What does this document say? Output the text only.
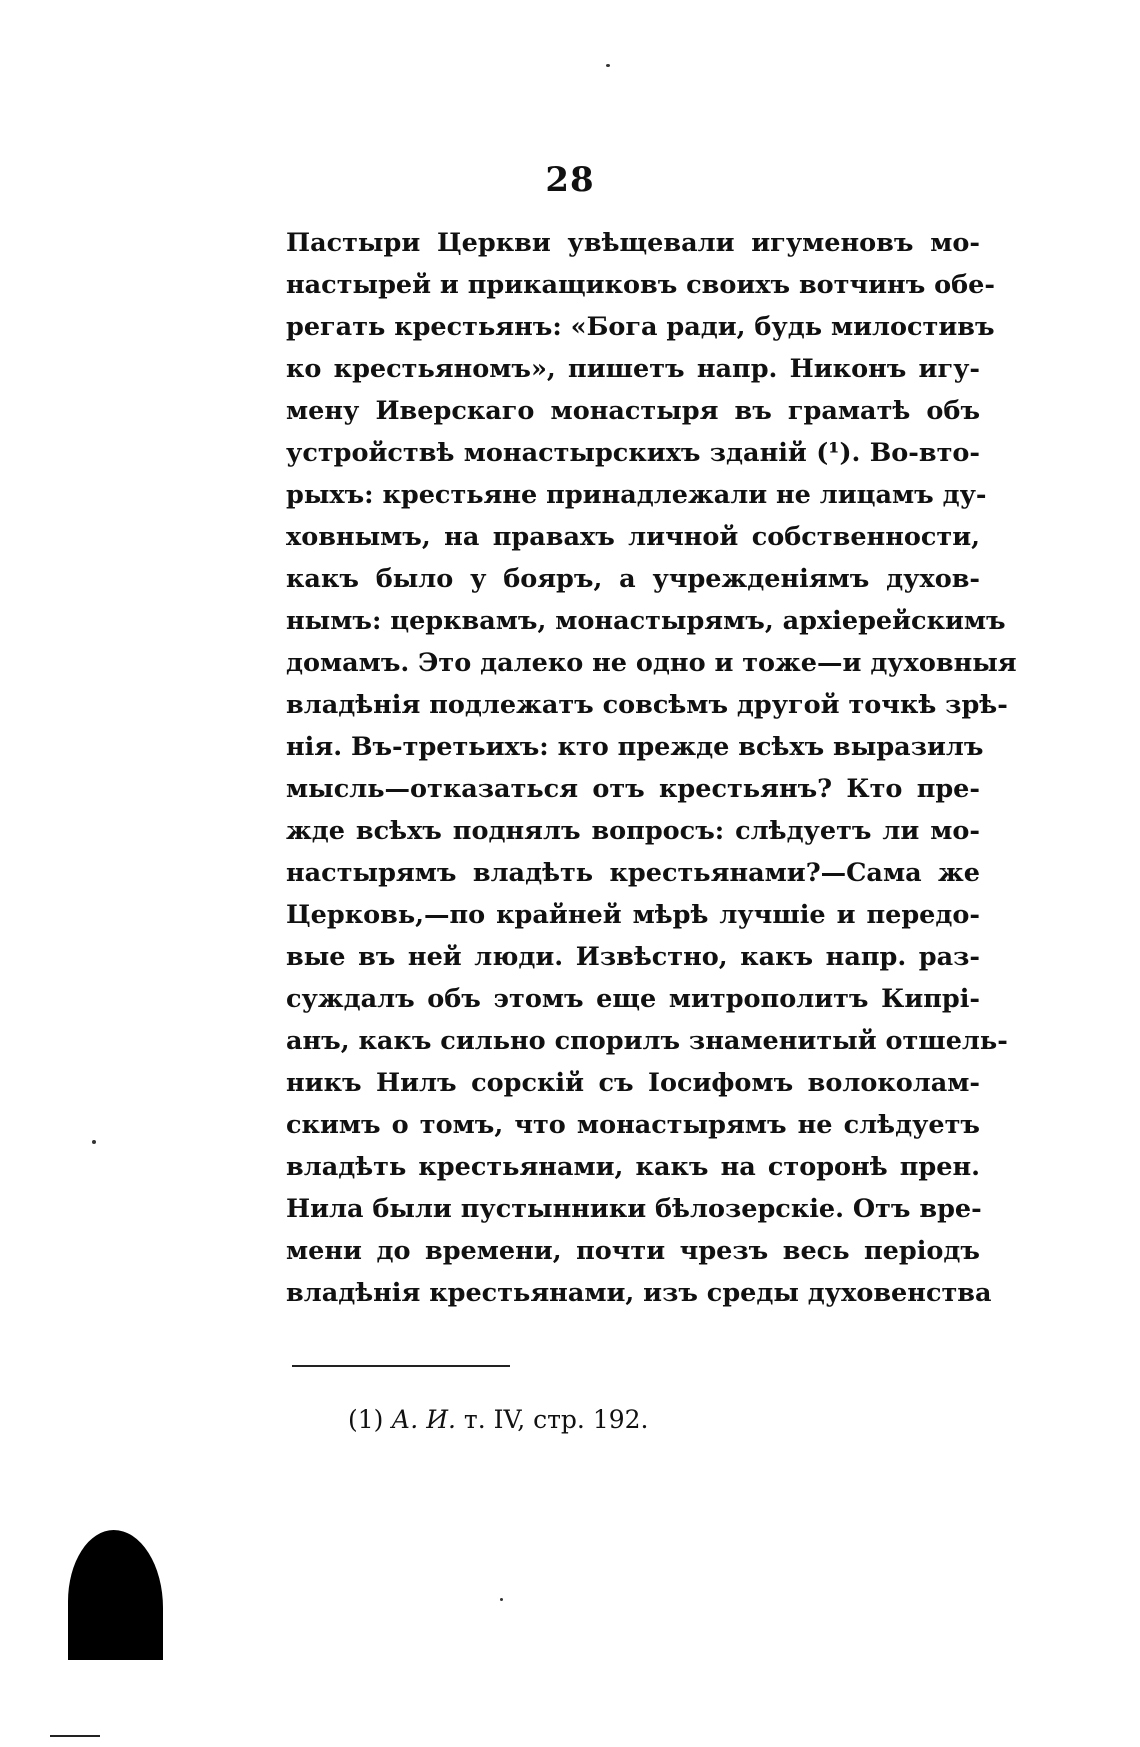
28
Пастыри Церкви увѣщевали игуменовъ мо-
настырей и прикащиковъ своихъ вотчинъ обе-
регать крестьянъ: «Бога ради, будь милостивъ
ко крестьяномъ», пишетъ напр. Никонъ игу-
мену Иверскаго монастыря въ граматѣ объ
устройствѣ монастырскихъ зданій (¹). Во-вто-
рыхъ: крестьяне принадлежали не лицамъ ду-
ховнымъ, на правахъ личной собственности,
какъ было у бояръ, а учрежденіямъ духов-
нымъ: церквамъ, монастырямъ, архіерейскимъ
домамъ. Это далеко не одно и тоже—и духовныя
владѣнія подлежатъ совсѣмъ другой точкѣ зрѣ-
нія. Въ-третьихъ: кто прежде всѣхъ выразилъ
мысль—отказаться отъ крестьянъ? Кто пре-
жде всѣхъ поднялъ вопросъ: слѣдуетъ ли мо-
настырямъ владѣть крестьянами?—Сама же
Церковь,—по крайней мѣрѣ лучшіе и передо-
вые въ ней люди. Извѣстно, какъ напр. раз-
суждалъ объ этомъ еще митрополитъ Кипрі-
анъ, какъ сильно спорилъ знаменитый отшель-
никъ Нилъ сорскій съ Іосифомъ волоколам-
скимъ о томъ, что монастырямъ не слѣдуетъ
владѣть крестьянами, какъ на сторонѣ прен.
Нила были пустынники бѣлозерскіе. Отъ вре-
мени до времени, почти чрезъ весь періодъ
владѣнія крестьянами, изъ среды духовенства
(1) А. И. т. IV, стр. 192.
